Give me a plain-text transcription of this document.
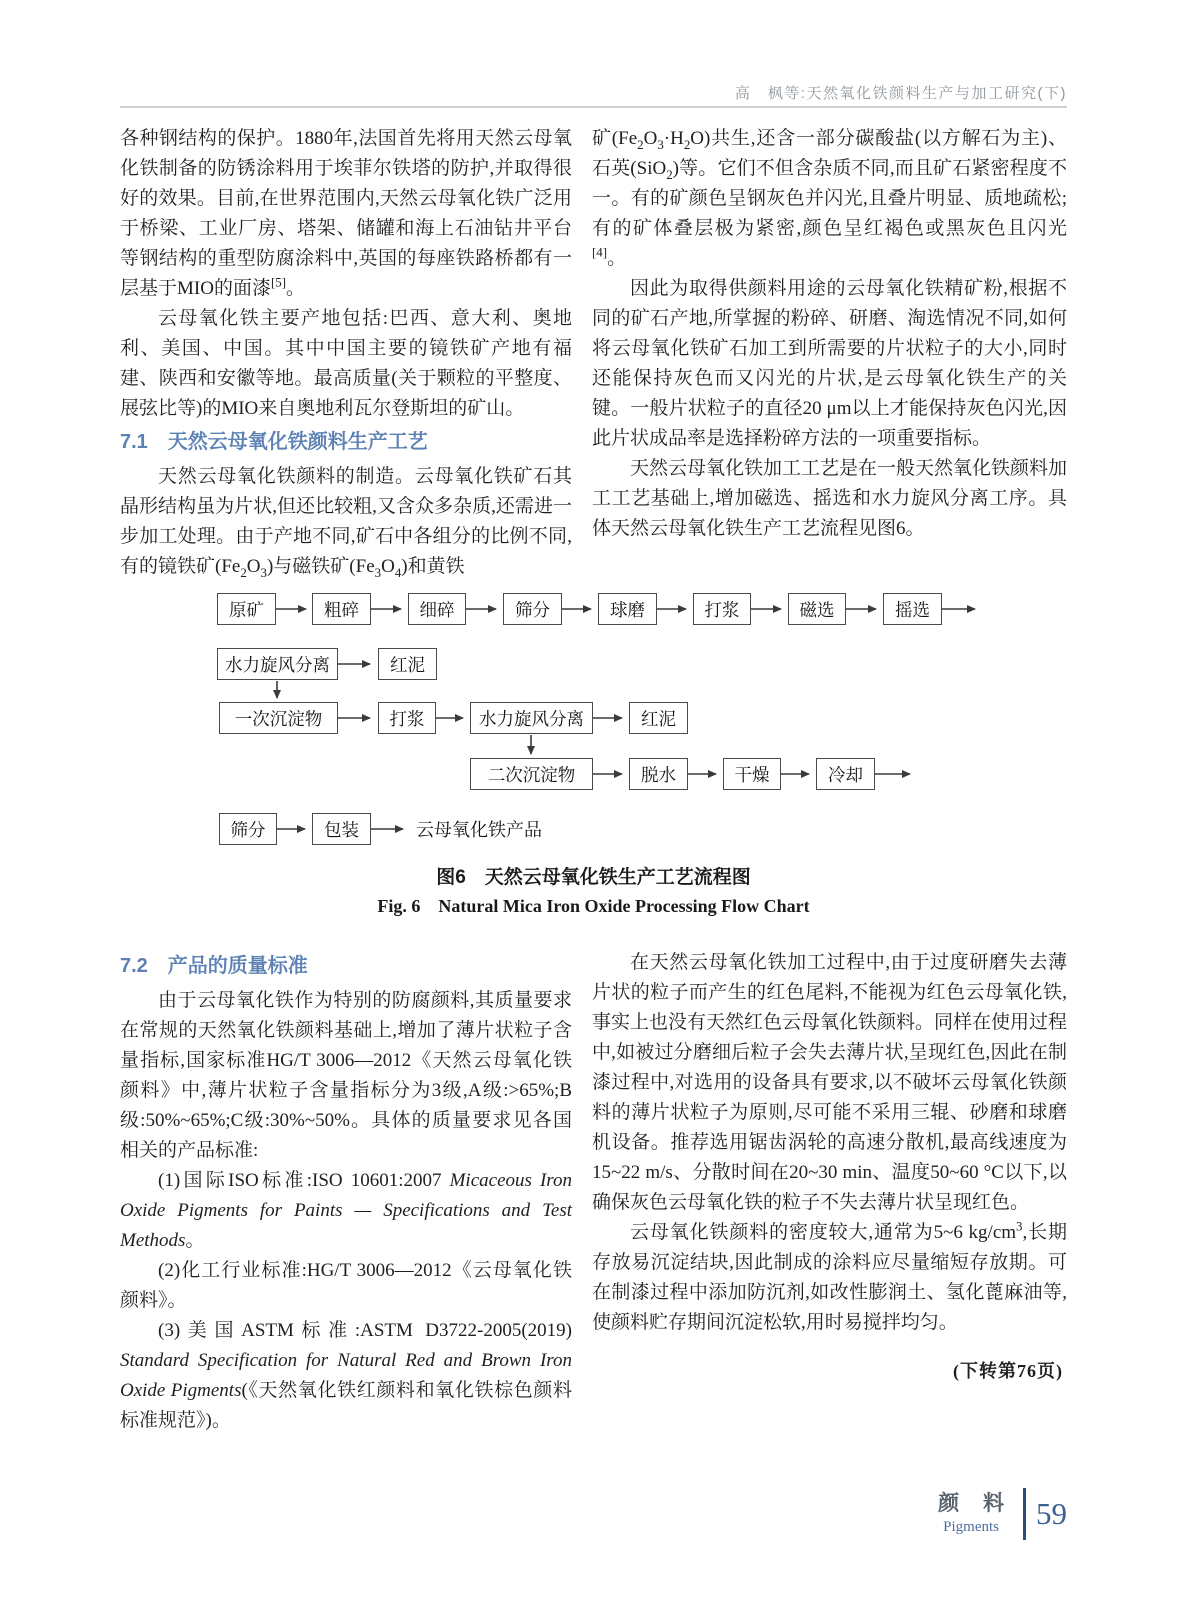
高　枫等:天然氧化铁颜料生产与加工研究(下)

各种钢结构的保护。1880年,法国首先将用天然云母氧化铁制备的防锈涂料用于埃菲尔铁塔的防护,并取得很好的效果。目前,在世界范围内,天然云母氧化铁广泛用于桥梁、工业厂房、塔架、储罐和海上石油钻井平台等钢结构的重型防腐涂料中,英国的每座铁路桥都有一层基于MIO的面漆[5]。

云母氧化铁主要产地包括:巴西、意大利、奥地利、美国、中国。其中中国主要的镜铁矿产地有福建、陕西和安徽等地。最高质量(关于颗粒的平整度、展弦比等)的MIO来自奥地利瓦尔登斯坦的矿山。

7.1　天然云母氧化铁颜料生产工艺

天然云母氧化铁颜料的制造。云母氧化铁矿石其晶形结构虽为片状,但还比较粗,又含众多杂质,还需进一步加工处理。由于产地不同,矿石中各组分的比例不同,有的镜铁矿$(Fe_2O_3)$与磁铁矿$(Fe_3O_4)$和黄铁

矿$(Fe_2O_3\cdot H_2O)$共生,还含一部分碳酸盐(以方解石为主)、石英(SiO$_2$)等。它们不但含杂质不同,而且矿石紧密程度不一。有的矿颜色呈钢灰色并闪光,且叠片明显、质地疏松;有的矿体叠层极为紧密,颜色呈红褐色或黑灰色且闪光[4]。

因此为取得供颜料用途的云母氧化铁精矿粉,根据不同的矿石产地,所掌握的粉碎、研磨、淘选情况不同,如何将云母氧化铁矿石加工到所需要的片状粒子的大小,同时还能保持灰色而又闪光的片状,是云母氧化铁生产的关键。一般片状粒子的直径20 μm以上才能保持灰色闪光,因此片状成品率是选择粉碎方法的一项重要指标。

天然云母氧化铁加工工艺是在一般天然氧化铁颜料加工工艺基础上,增加磁选、摇选和水力旋风分离工序。具体天然云母氧化铁生产工艺流程见图6。

原矿	粗碎	细碎	筛分	球磨	打浆	磁选	摇选
水力旋风分离	红泥
一次沉淀物	打浆	水力旋风分离	红泥
二次沉淀物	脱水	干燥	冷却
筛分	包装	云母氧化铁产品
图6　天然云母氧化铁生产工艺流程图
Fig. 6　Natural Mica Iron Oxide Processing Flow Chart
7.2　产品的质量标准

由于云母氧化铁作为特别的防腐颜料,其质量要求在常规的天然氧化铁颜料基础上,增加了薄片状粒子含量指标,国家标准HG/T 3006—2012《天然云母氧化铁颜料》中,薄片状粒子含量指标分为3级,A级:>65%;B级:50%~65%;C级:30%~50%。具体的质量要求见各国相关的产品标准:

(1)国际ISO标准:ISO 10601:2007 Micaceous Iron Oxide Pigments for Paints — Specifications and Test Methods。

(2)化工行业标准:HG/T 3006—2012《云母氧化铁颜料》。

(3)美国ASTM标准:ASTM D3722-2005(2019) Standard Specification for Natural Red and Brown Iron Oxide Pigments(《天然氧化铁红颜料和氧化铁棕色颜料标准规范》)。

在天然云母氧化铁加工过程中,由于过度研磨失去薄片状的粒子而产生的红色尾料,不能视为红色云母氧化铁,事实上也没有天然红色云母氧化铁颜料。同样在使用过程中,如被过分磨细后粒子会失去薄片状,呈现红色,因此在制漆过程中,对选用的设备具有要求,以不破坏云母氧化铁颜料的薄片状粒子为原则,尽可能不采用三辊、砂磨和球磨机设备。推荐选用锯齿涡轮的高速分散机,最高线速度为15~22 m/s、分散时间在20~30 min、温度50~60 °C以下,以确保灰色云母氧化铁的粒子不失去薄片状呈现红色。

云母氧化铁颜料的密度较大,通常为5~6 $kg/cm^3$,长期存放易沉淀结块,因此制成的涂料应尽量缩短存放期。可在制漆过程中添加防沉剂,如改性膨润土、氢化蓖麻油等,使颜料贮存期间沉淀松软,用时易搅拌均匀。

(下转第76页)

颜 料
Pigments	59
